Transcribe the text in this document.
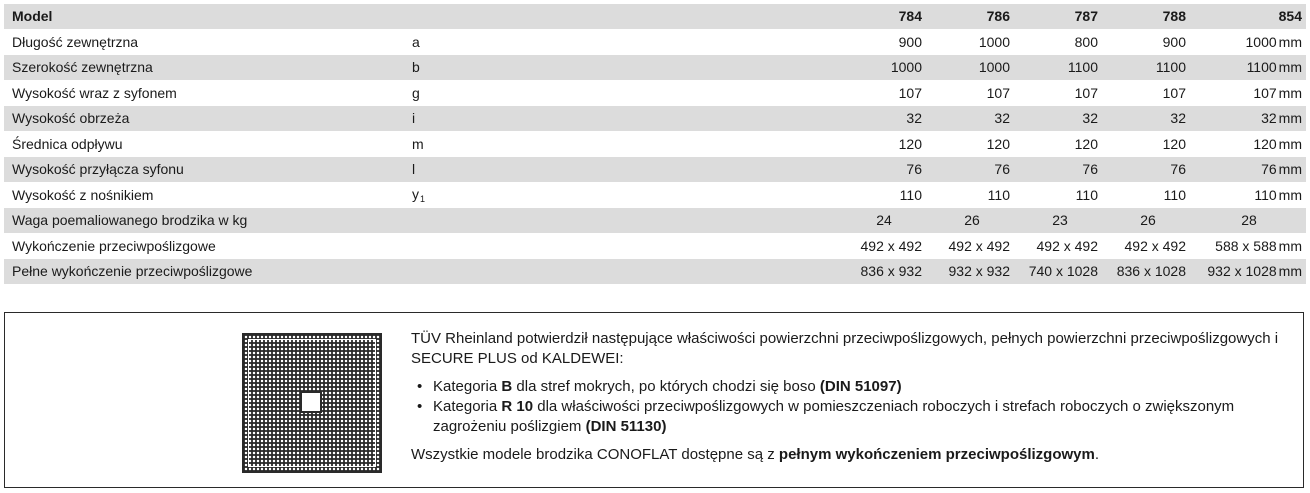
Model		784	786	787	788	854
Długość zewnętrzna	a	900	1000	800	900	1000 mm
Szerokość zewnętrzna	b	1000	1000	1100	1100	1100 mm
Wysokość wraz z syfonem	g	107	107	107	107	107 mm
Wysokość obrzeża	i	32	32	32	32	32 mm
Średnica odpływu	m	120	120	120	120	120 mm
Wysokość przyłącza syfonu	l	76	76	76	76	76 mm
Wysokość z nośnikiem	$y_1$	110	110	110	110	110 mm
Waga poemaliowanego brodzika w kg		24	26	23	26	28
Wykończenie przeciwpoślizgowe		492 x 492	492 x 492	492 x 492	492 x 492	588 x 588 mm
Pełne wykończenie przeciwpoślizgowe		836 x 932	932 x 932	740 x 1028	836 x 1028	932 x 1028 mm

TÜV Rheinland potwierdził następujące właściwości powierzchni przeciwpoślizgowych, pełnych powierzchni przeciwpoślizgowych i SECURE PLUS od KALDEWEI:

• Kategoria B dla stref mokrych, po których chodzi się boso (DIN 51097)
• Kategoria R 10 dla właściwości przeciwpoślizgowych w pomieszczeniach roboczych i strefach roboczych o zwiększonym zagrożeniu poślizgiem (DIN 51130)

Wszystkie modele brodzika CONOFLAT dostępne są z pełnym wykończeniem przeciwpoślizgowym.
